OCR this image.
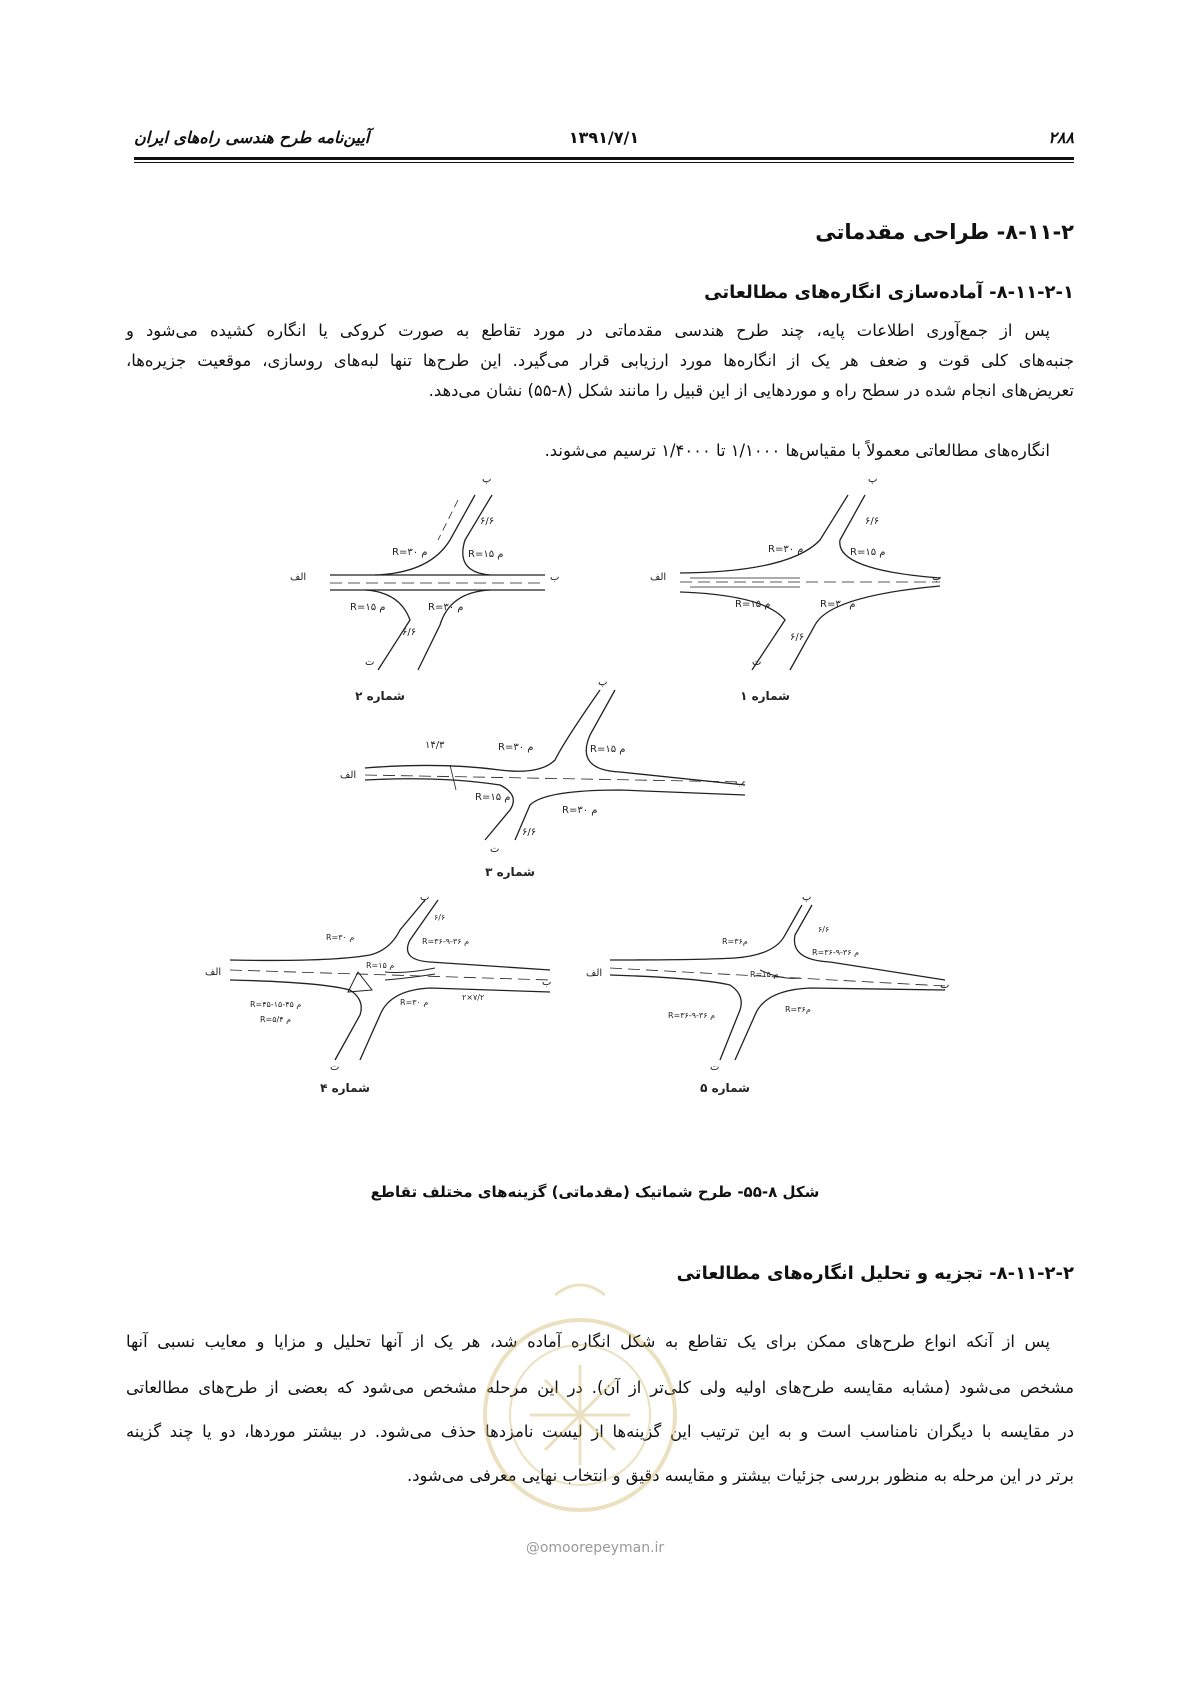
۲۸۸
۱۳۹۱/۷/۱
آیین‌نامه طرح هندسی راه‌های ایران
۸-۱۱-۲- طراحی مقدماتی
۸-۱۱-۲-۱- آماده‌سازی انگاره‌های مطالعاتی
پس از جمع‌آوری اطلاعات پایه، چند طرح هندسی مقدماتی در مورد تقاطع به صورت کروکی یا انگاره کشیده می‌شود و
جنبه‌های کلی قوت و ضعف هر یک از انگاره‌ها مورد ارزیابی قرار می‌گیرد. این طرح‌ها تنها لبه‌های روسازی، موقعیت جزیره‌ها،
تعریض‌های انجام شده در سطح راه و موردهایی از این قبیل را مانند شکل (۸-۵۵) نشان می‌دهد.
انگاره‌های مطالعاتی معمولاً با مقیاس‌ها ۱/۱۰۰۰ تا ۱/۴۰۰۰ ترسیم می‌شوند.
الف	ب
پ
ت
R=۳۰ م	R=۱۵ م
R=۱۵ م	R=۳۰ م
۶/۶
۶/۶
الف	ب
پ
ت
R=۳۰ م	R=۱۵ م
R=۱۵ م	R=۳۰ م
۶/۶
۶/۶
الف
ب
پ
ت
۱۴/۳	R=۳۰ م	R=۱۵ م
R=۱۵ م
R=۳۰ م
۶/۶
الف
ب
پ
ت
R=۳۰ م	R=۳۶-۹-۳۶ م
۶/۶
R=۱۵ م
R=۴۵-۱۵-۴۵ م
R=۵/۴ م
R=۳۰ م
۲×۷/۲
الف
ب
پ
ت
R=۳۶م
R=۳۶-۹-۳۶ م
۶/۶
R=۱۵ م
R=۳۶-۹-۳۶ م
R=۳۶م
شماره ۲	شماره ۱
شماره ۳
شماره ۴	شماره ۵
شکل ۸-۵۵- طرح شماتیک (مقدماتی) گزینه‌های مختلف تقاطع
۸-۱۱-۲-۲- تجزیه و تحلیل انگاره‌های مطالعاتی
پس از آنکه انواع طرح‌های ممکن برای یک تقاطع به شکل انگاره آماده شد، هر یک از آنها تحلیل و مزایا و معایب نسبی آنها
مشخص می‌شود (مشابه مقایسه طرح‌های اولیه ولی کلی‌تر از آن). در این مرحله مشخص می‌شود که بعضی از طرح‌های مطالعاتی
در مقایسه با دیگران نامناسب است و به این ترتیب این گزینه‌ها از لیست نامزدها حذف می‌شود. در بیشتر موردها، دو یا چند گزینه
برتر در این مرحله به منظور بررسی جزئیات بیشتر و مقایسه دقیق و انتخاب نهایی معرفی می‌شود.
@omoorepeyman.ir
